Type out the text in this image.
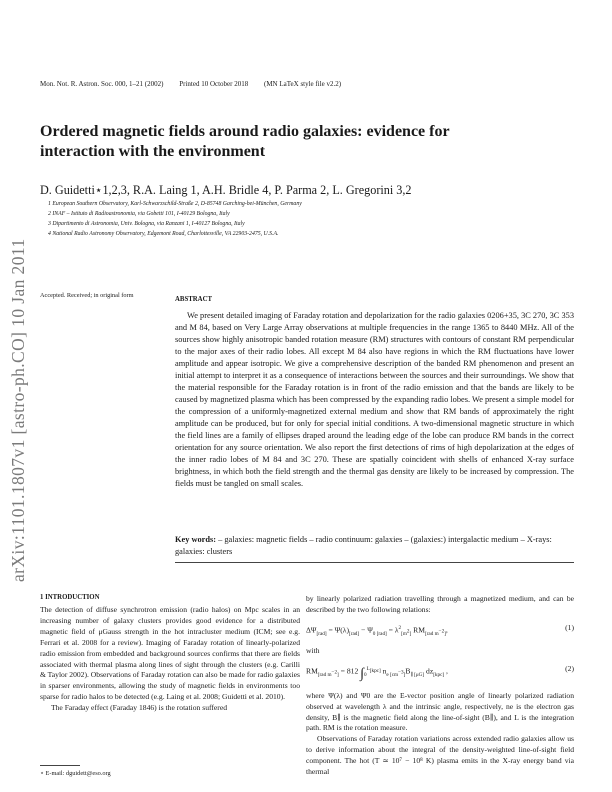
Mon. Not. R. Astron. Soc. 000, 1–21 (2002) Printed 10 October 2018 (MN LaTeX style file v2.2)
arXiv:1101.1807v1 [astro-ph.CO] 10 Jan 2011
Ordered magnetic fields around radio galaxies: evidence for interaction with the environment
D. Guidetti⋆1,2,3, R.A. Laing 1, A.H. Bridle 4, P. Parma 2, L. Gregorini 3,2
1 European Southern Observatory, Karl-Schwarzschild-Straße 2, D-85748 Garching-bei-München, Germany
2 INAF – Istituto di Radioastronomia, via Gobetti 101, I-40129 Bologna, Italy
3 Dipartimento di Astronomia, Univ. Bologna, via Ranzani 1, I-40127 Bologna, Italy
4 National Radio Astronomy Observatory, Edgemont Road, Charlottesville, VA 22903-2475, U.S.A.
Accepted. Received; in original form
ABSTRACT

We present detailed imaging of Faraday rotation and depolarization for the radio galaxies 0206+35, 3C 270, 3C 353 and M 84, based on Very Large Array observations at multiple frequencies in the range 1365 to 8440 MHz. All of the sources show highly anisotropic banded rotation measure (RM) structures with contours of constant RM perpendicular to the major axes of their radio lobes. All except M 84 also have regions in which the RM fluctuations have lower amplitude and appear isotropic. We give a comprehensive description of the banded RM phenomenon and present an initial attempt to interpret it as a consequence of interactions between the sources and their surroundings. We show that the material responsible for the Faraday rotation is in front of the radio emission and that the bands are likely to be caused by magnetized plasma which has been compressed by the expanding radio lobes. We present a simple model for the compression of a uniformly-magnetized external medium and show that RM bands of approximately the right amplitude can be produced, but for only for special initial conditions. A two-dimensional magnetic structure in which the field lines are a family of ellipses draped around the leading edge of the lobe can produce RM bands in the correct orientation for any source orientation. We also report the first detections of rims of high depolarization at the edges of the inner radio lobes of M 84 and 3C 270. These are spatially coincident with shells of enhanced X-ray surface brightness, in which both the field strength and the thermal gas density are likely to be increased by compression. The fields must be tangled on small scales.

Key words: – galaxies: magnetic fields – radio continuum: galaxies – (galaxies:) intergalactic medium – X-rays: galaxies: clusters

1 INTRODUCTION

The detection of diffuse synchrotron emission (radio halos) on Mpc scales in an increasing number of galaxy clusters provides good evidence for a distributed magnetic field of μGauss strength in the hot intracluster medium (ICM; see e.g. Ferrari et al. 2008 for a review). Imaging of Faraday rotation of linearly-polarized radio emission from embedded and background sources confirms that there are fields associated with thermal plasma along lines of sight through the clusters (e.g. Carilli & Taylor 2002). Observations of Faraday rotation can also be made for radio galaxies in sparser environments, allowing the study of magnetic fields in environments too sparse for radio halos to be detected (e.g. Laing et al. 2008; Guidetti et al. 2010).

The Faraday effect (Faraday 1846) is the rotation suffered

⋆ E-mail: dguidett@eso.org

by linearly polarized radiation travelling through a magnetized medium, and can be described by the two following relations:

$\Delta\Psi_{[rad]} = \Psi(\lambda)_{[rad]} - \Psi_{0 [rad]} = \lambda^2_{[m^2]}$ $RM_{[rad m^{-2}]}$,	(1)

with

$RM_{[rad m^{-2}]} = 812$ $\int_0^{L_{[kpc]}}$ $n_{e [cm^{-3}]}B_{\parallel [\mu G]}$ $dz_{[kpc]}$ ,	(2)

where Ψ(λ) and Ψ0 are the E-vector position angle of linearly polarized radiation observed at wavelength λ and the intrinsic angle, respectively, ne is the electron gas density, B∥ is the magnetic field along the line-of-sight (B∥), and L is the integration path. RM is the rotation measure.

Observations of Faraday rotation variations across extended radio galaxies allow us to derive information about the integral of the density-weighted line-of-sight field component. The hot (T ≃ 10⁷ − 10⁸ K) plasma emits in the X-ray energy band via thermal
